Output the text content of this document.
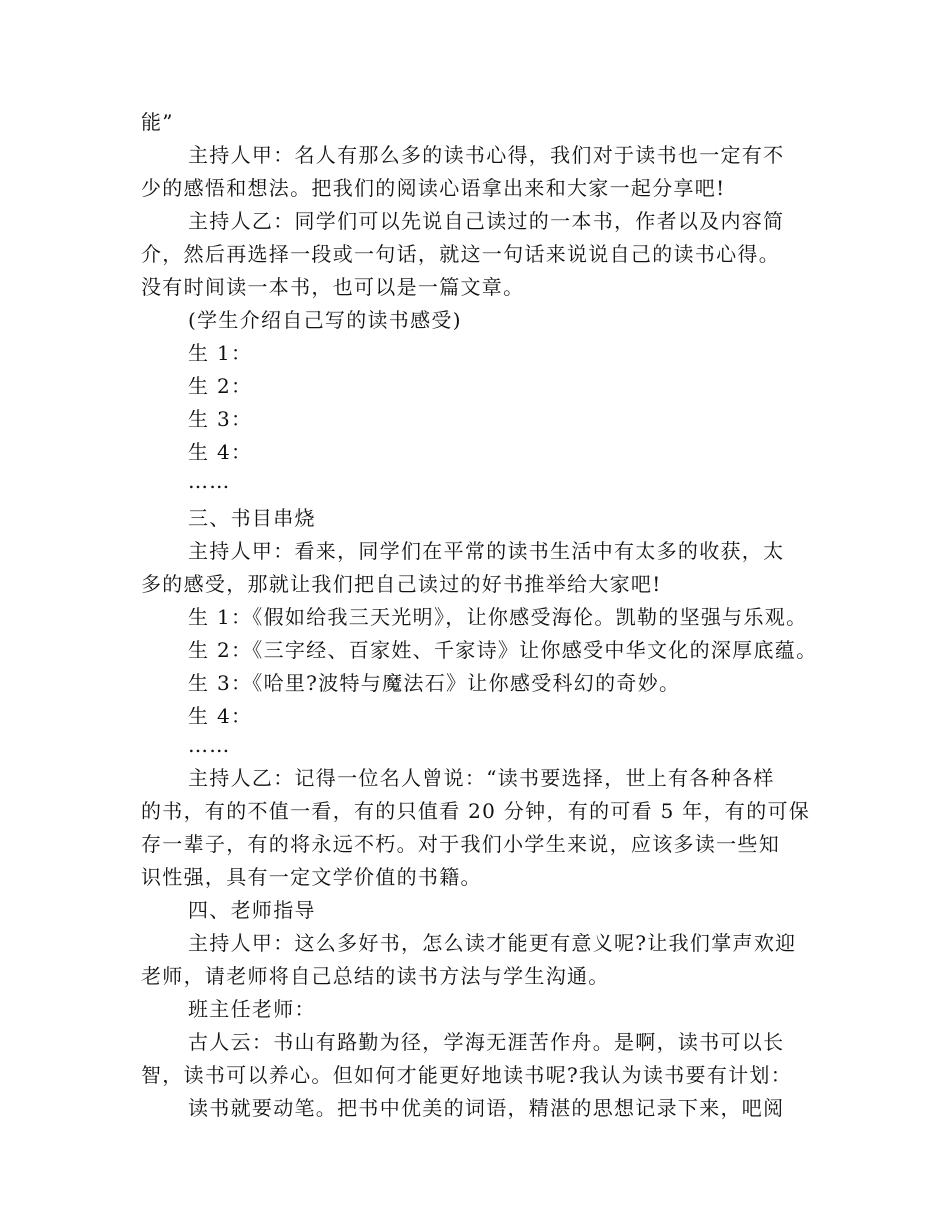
能”
主持人甲：名人有那么多的读书心得，我们对于读书也一定有不
少的感悟和想法。把我们的阅读心语拿出来和大家一起分享吧!
主持人乙：同学们可以先说自己读过的一本书，作者以及内容简
介，然后再选择一段或一句话，就这一句话来说说自己的读书心得。
没有时间读一本书，也可以是一篇文章。
(学生介绍自己写的读书感受)
生 1：
生 2：
生 3：
生 4：
……
三、书目串烧
主持人甲：看来，同学们在平常的读书生活中有太多的收获，太
多的感受，那就让我们把自己读过的好书推举给大家吧!
生 1：《假如给我三天光明》，让你感受海伦。凯勒的坚强与乐观。
生 2：《三字经、百家姓、千家诗》让你感受中华文化的深厚底蕴。
生 3：《哈里?波特与魔法石》让你感受科幻的奇妙。
生 4：
……
主持人乙：记得一位名人曾说：“读书要选择，世上有各种各样
的书，有的不值一看，有的只值看 20 分钟，有的可看 5 年，有的可保
存一辈子，有的将永远不朽。对于我们小学生来说，应该多读一些知
识性强，具有一定文学价值的书籍。
四、老师指导
主持人甲：这么多好书，怎么读才能更有意义呢?让我们掌声欢迎
老师，请老师将自己总结的读书方法与学生沟通。
班主任老师：
古人云：书山有路勤为径，学海无涯苦作舟。是啊，读书可以长
智，读书可以养心。但如何才能更好地读书呢?我认为读书要有计划：
读书就要动笔。把书中优美的词语，精湛的思想记录下来，吧阅
